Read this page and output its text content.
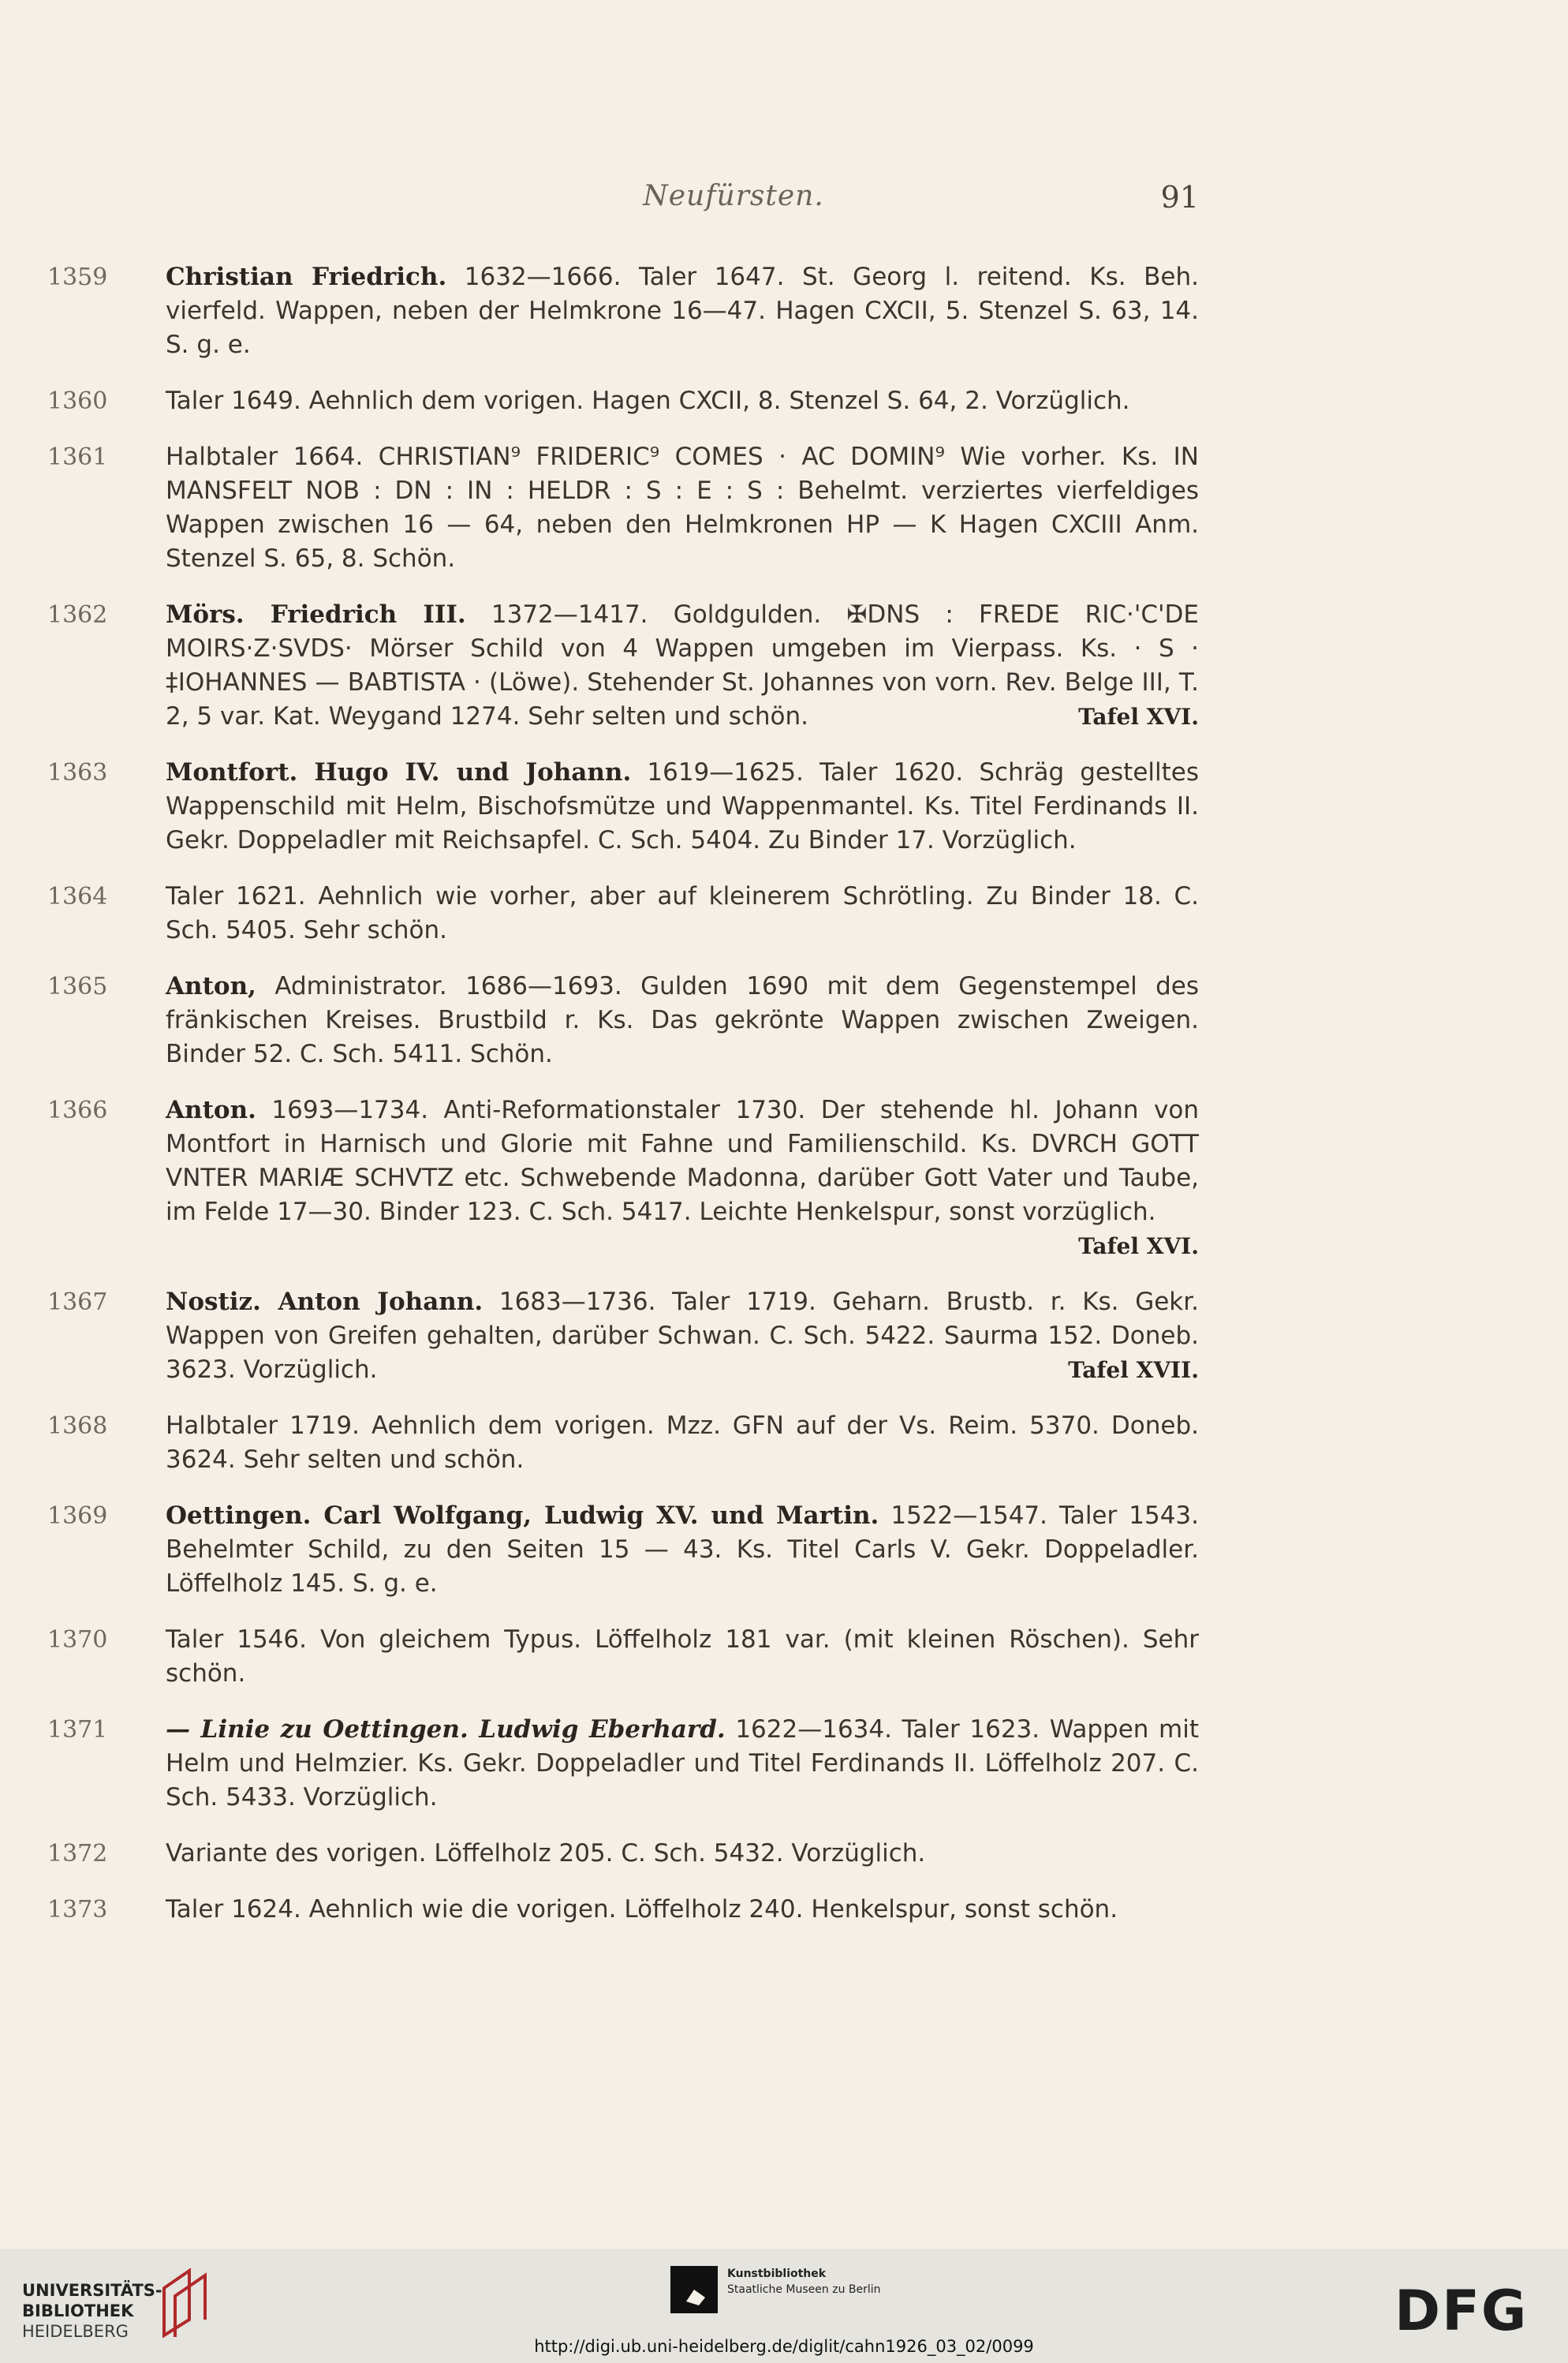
Neufürsten.	91
1359	Christian Friedrich. 1632—1666. Taler 1647. St. Georg l. reitend. Ks. Beh. vierfeld. Wappen, neben der Helmkrone 16—47. Hagen CXCII, 5. Stenzel S. 63, 14. S. g. e.
1360	Taler 1649. Aehnlich dem vorigen. Hagen CXCII, 8. Stenzel S. 64, 2. Vorzüglich.
1361	Halbtaler 1664. CHRISTIAN⁹ FRIDERIC⁹ COMES · AC DOMIN⁹ Wie vorher. Ks. IN MANSFELT NOB : DN : IN : HELDR : S : E : S : Behelmt. verziertes vierfeldiges Wappen zwischen 16 — 64, neben den Helmkronen HP — K Hagen CXCIII Anm. Stenzel S. 65, 8. Schön.
1362	Mörs. Friedrich III. 1372—1417. Goldgulden. ✠DNS : FREDE RIC·'C'DE MOIRS·Z·SVDS· Mörser Schild von 4 Wappen umgeben im Vierpass. Ks. · S · ‡IOHANNES — BABTISTA · (Löwe). Stehender St. Johannes von vorn. Rev. Belge III, T. 2, 5 var. Kat. Weygand 1274. Sehr selten und schön.	Tafel XVI.
1363	Montfort. Hugo IV. und Johann. 1619—1625. Taler 1620. Schräg gestelltes Wappenschild mit Helm, Bischofsmütze und Wappenmantel. Ks. Titel Ferdinands II. Gekr. Doppeladler mit Reichsapfel. C. Sch. 5404. Zu Binder 17. Vorzüglich.
1364	Taler 1621. Aehnlich wie vorher, aber auf kleinerem Schrötling. Zu Binder 18. C. Sch. 5405. Sehr schön.
1365	Anton, Administrator. 1686—1693. Gulden 1690 mit dem Gegenstempel des fränkischen Kreises. Brustbild r. Ks. Das gekrönte Wappen zwischen Zweigen. Binder 52. C. Sch. 5411. Schön.
1366	Anton. 1693—1734. Anti-Reformationstaler 1730. Der stehende hl. Johann von Montfort in Harnisch und Glorie mit Fahne und Familienschild. Ks. DVRCH GOTT VNTER MARIÆ SCHVTZ etc. Schwebende Madonna, darüber Gott Vater und Taube, im Felde 17—30. Binder 123. C. Sch. 5417. Leichte Henkelspur, sonst vorzüglich.
Tafel XVI.
1367	Nostiz. Anton Johann. 1683—1736. Taler 1719. Geharn. Brustb. r. Ks. Gekr. Wappen von Greifen gehalten, darüber Schwan. C. Sch. 5422. Saurma 152. Doneb. 3623. Vorzüglich.	Tafel XVII.
1368	Halbtaler 1719. Aehnlich dem vorigen. Mzz. GFN auf der Vs. Reim. 5370. Doneb. 3624. Sehr selten und schön.
1369	Oettingen. Carl Wolfgang, Ludwig XV. und Martin. 1522—1547. Taler 1543. Behelmter Schild, zu den Seiten 15 — 43. Ks. Titel Carls V. Gekr. Doppeladler. Löffelholz 145. S. g. e.
1370	Taler 1546. Von gleichem Typus. Löffelholz 181 var. (mit kleinen Röschen). Sehr schön.
1371	— Linie zu Oettingen. Ludwig Eberhard. 1622—1634. Taler 1623. Wappen mit Helm und Helmzier. Ks. Gekr. Doppeladler und Titel Ferdinands II. Löffelholz 207. C. Sch. 5433. Vorzüglich.
1372	Variante des vorigen. Löffelholz 205. C. Sch. 5432. Vorzüglich.
1373	Taler 1624. Aehnlich wie die vorigen. Löffelholz 240. Henkelspur, sonst schön.
UNIVERSITÄTS-
BIBLIOTHEK
HEIDELBERG
Kunstbibliothek
Staatliche Museen zu Berlin	DFG
http://digi.ub.uni-heidelberg.de/diglit/cahn1926_03_02/0099
